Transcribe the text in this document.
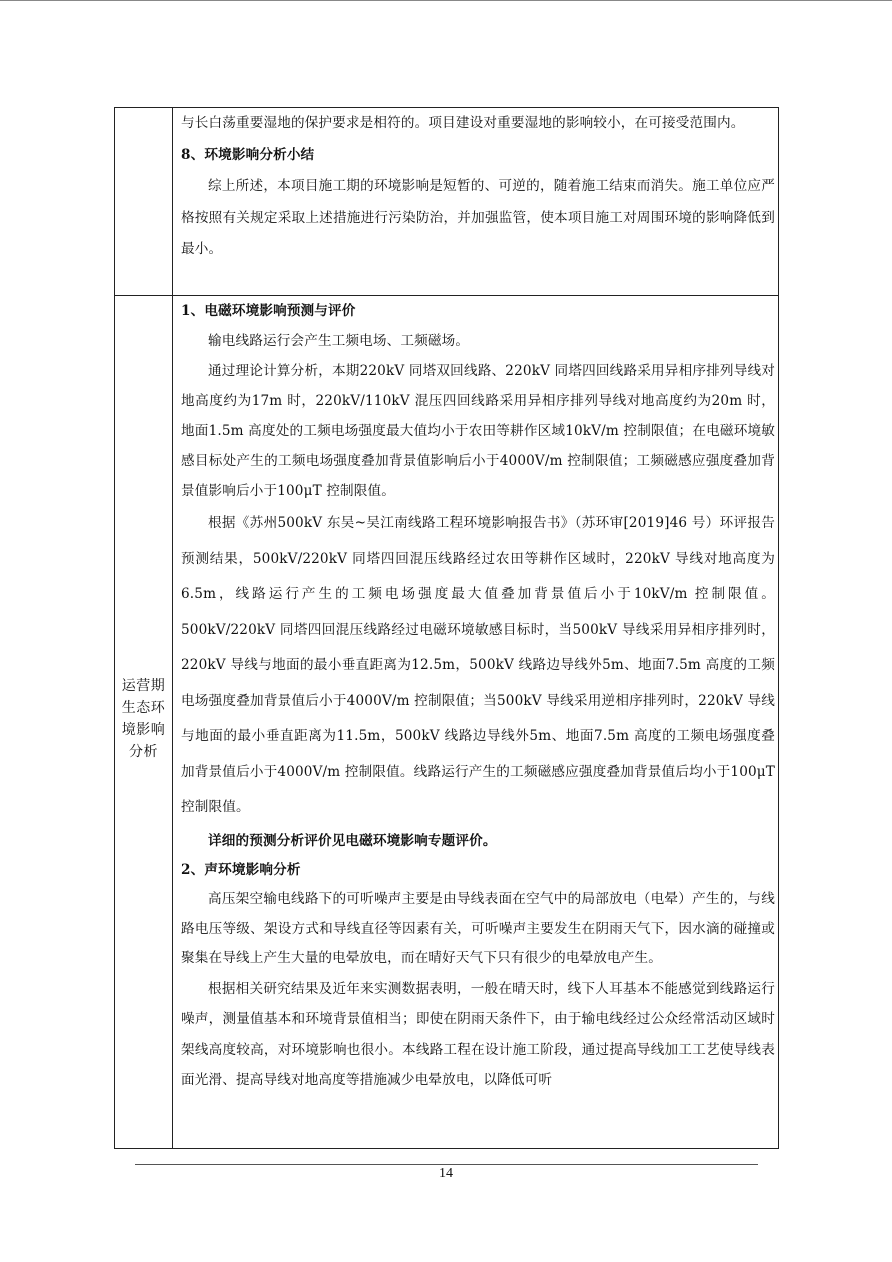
运营期
生态环
境影响
分析

与长白荡重要湿地的保护要求是相符的。项目建设对重要湿地的影响较小，在可接受范围内。

8、环境影响分析小结

综上所述，本项目施工期的环境影响是短暂的、可逆的，随着施工结束而消失。施工单位应严格按照有关规定采取上述措施进行污染防治，并加强监管，使本项目施工对周围环境的影响降低到最小。

1、电磁环境影响预测与评价

输电线路运行会产生工频电场、工频磁场。

通过理论计算分析，本期220kV 同塔双回线路、220kV 同塔四回线路采用异相序排列导线对地高度约为17m 时，220kV/110kV 混压四回线路采用异相序排列导线对地高度约为20m 时，地面1.5m 高度处的工频电场强度最大值均小于农田等耕作区域10kV/m 控制限值；在电磁环境敏感目标处产生的工频电场强度叠加背景值影响后小于4000V/m 控制限值；工频磁感应强度叠加背景值影响后小于100μT 控制限值。

根据《苏州500kV 东吴~吴江南线路工程环境影响报告书》（苏环审[2019]46 号）环评报告预测结果，500kV/220kV 同塔四回混压线路经过农田等耕作区域时，220kV 导线对地高度为6.5m，线路运行产生的工频电场强度最大值叠加背景值后小于10kV/m 控制限值。500kV/220kV 同塔四回混压线路经过电磁环境敏感目标时，当500kV 导线采用异相序排列时，220kV 导线与地面的最小垂直距离为12.5m，500kV 线路边导线外5m、地面7.5m 高度的工频电场强度叠加背景值后小于4000V/m 控制限值；当500kV 导线采用逆相序排列时，220kV 导线与地面的最小垂直距离为11.5m，500kV 线路边导线外5m、地面7.5m 高度的工频电场强度叠加背景值后小于4000V/m 控制限值。线路运行产生的工频磁感应强度叠加背景值后均小于100μT 控制限值。

详细的预测分析评价见电磁环境影响专题评价。

2、声环境影响分析

高压架空输电线路下的可听噪声主要是由导线表面在空气中的局部放电（电晕）产生的，与线路电压等级、架设方式和导线直径等因素有关，可听噪声主要发生在阴雨天气下，因水滴的碰撞或聚集在导线上产生大量的电晕放电，而在晴好天气下只有很少的电晕放电产生。

根据相关研究结果及近年来实测数据表明，一般在晴天时，线下人耳基本不能感觉到线路运行噪声，测量值基本和环境背景值相当；即使在阴雨天条件下，由于输电线经过公众经常活动区域时架线高度较高，对环境影响也很小。本线路工程在设计施工阶段，通过提高导线加工工艺使导线表面光滑、提高导线对地高度等措施减少电晕放电，以降低可听

14
